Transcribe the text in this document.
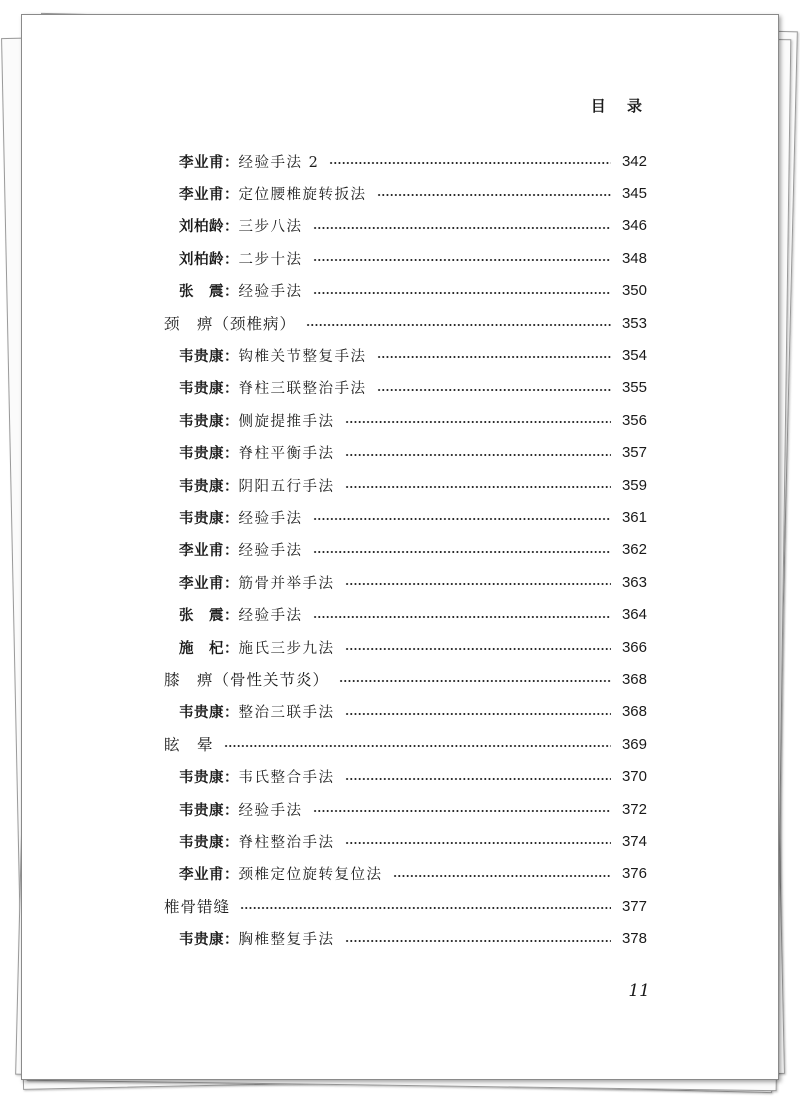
目 录
李业甫 ： 经验手法 2	342
李业甫 ： 定位腰椎旋转扳法	345
刘柏龄 ： 三步八法	346
刘柏龄 ： 二步十法	348
张　震 ： 经验手法	350
颈　痹（颈椎病）	353
韦贵康 ： 钩椎关节整复手法	354
韦贵康 ： 脊柱三联整治手法	355
韦贵康 ： 侧旋提推手法	356
韦贵康 ： 脊柱平衡手法	357
韦贵康 ： 阴阳五行手法	359
韦贵康 ： 经验手法	361
李业甫 ： 经验手法	362
李业甫 ： 筋骨并举手法	363
张　震 ： 经验手法	364
施　杞 ： 施氏三步九法	366
膝　痹（骨性关节炎）	368
韦贵康 ： 整治三联手法	368
眩　晕	369
韦贵康 ： 韦氏整合手法	370
韦贵康 ： 经验手法	372
韦贵康 ： 脊柱整治手法	374
李业甫 ： 颈椎定位旋转复位法	376
椎骨错缝	377
韦贵康 ： 胸椎整复手法	378
11
